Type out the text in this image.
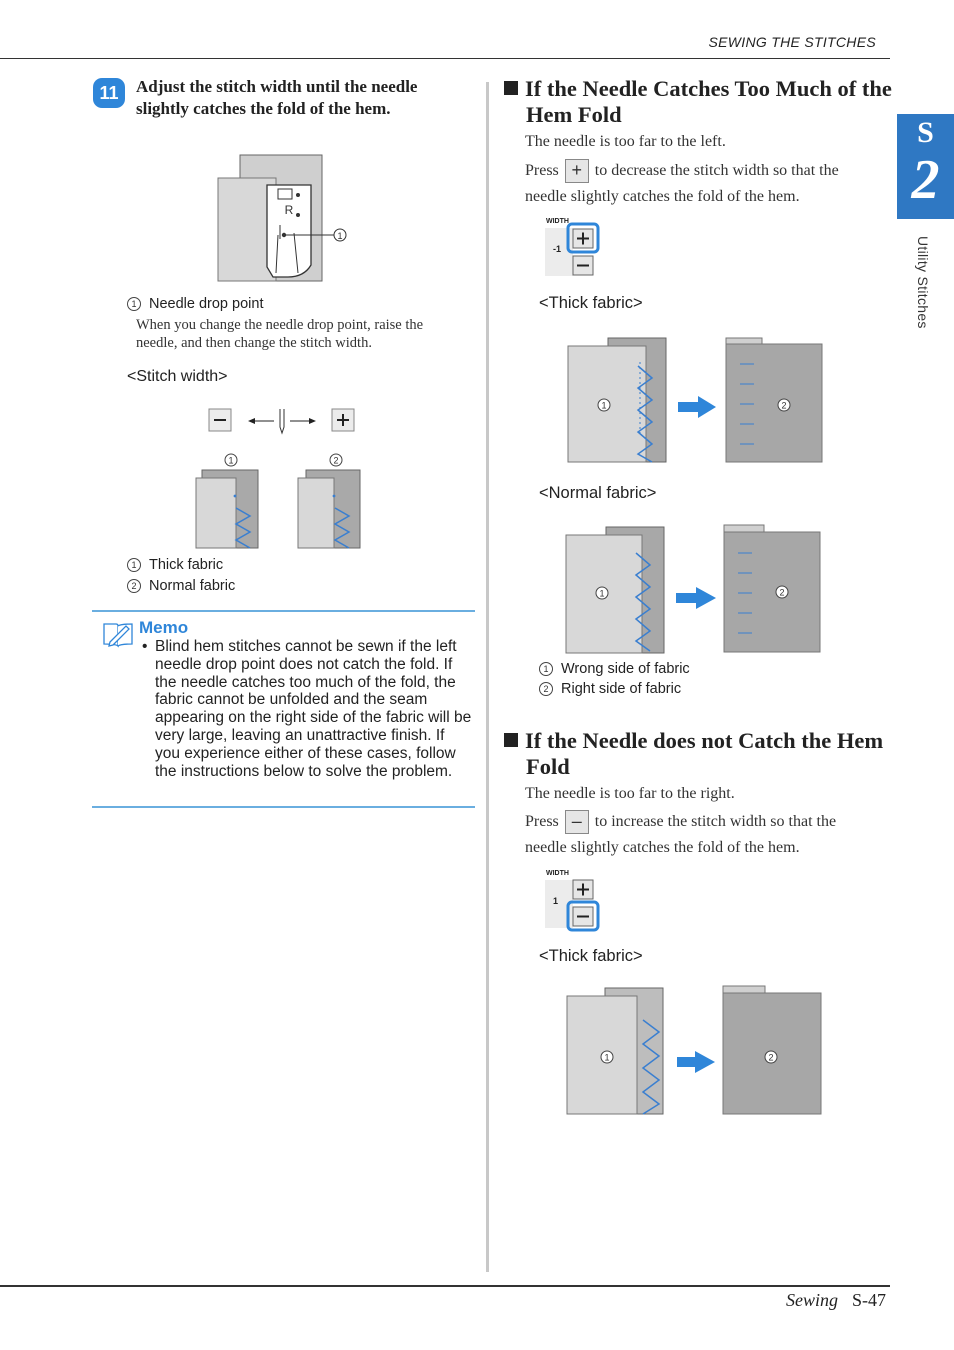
SEWING THE STITCHES
S
2
Utility Stitches
11	Adjust the stitch width until the needle slightly catches the fold of the hem.
1
R
1 Needle drop point
When you change the needle drop point, raise the needle, and then change the stitch width.
<Stitch width>
1	2
1 Thick fabric
2 Normal fabric
Memo
• Blind hem stitches cannot be sewn if the left needle drop point does not catch the fold. If the needle catches too much of the fold, the fabric cannot be unfolded and the seam appearing on the right side of the fabric will be very large, leaving an unattractive finish. If you experience either of these cases, follow the instructions below to solve the problem.
If the Needle Catches Too Much of the Hem Fold
The needle is too far to the left.
Press + to decrease the stitch width so that the
needle slightly catches the fold of the hem.
WIDTH
-1
<Thick fabric>
1	2
<Normal fabric>
1	2
1 Wrong side of fabric
2 Right side of fabric
If the Needle does not Catch the Hem Fold
The needle is too far to the right.
Press – to increase the stitch width so that the
needle slightly catches the fold of the hem.
WIDTH
1
<Thick fabric>
1	2
Sewing S-47
